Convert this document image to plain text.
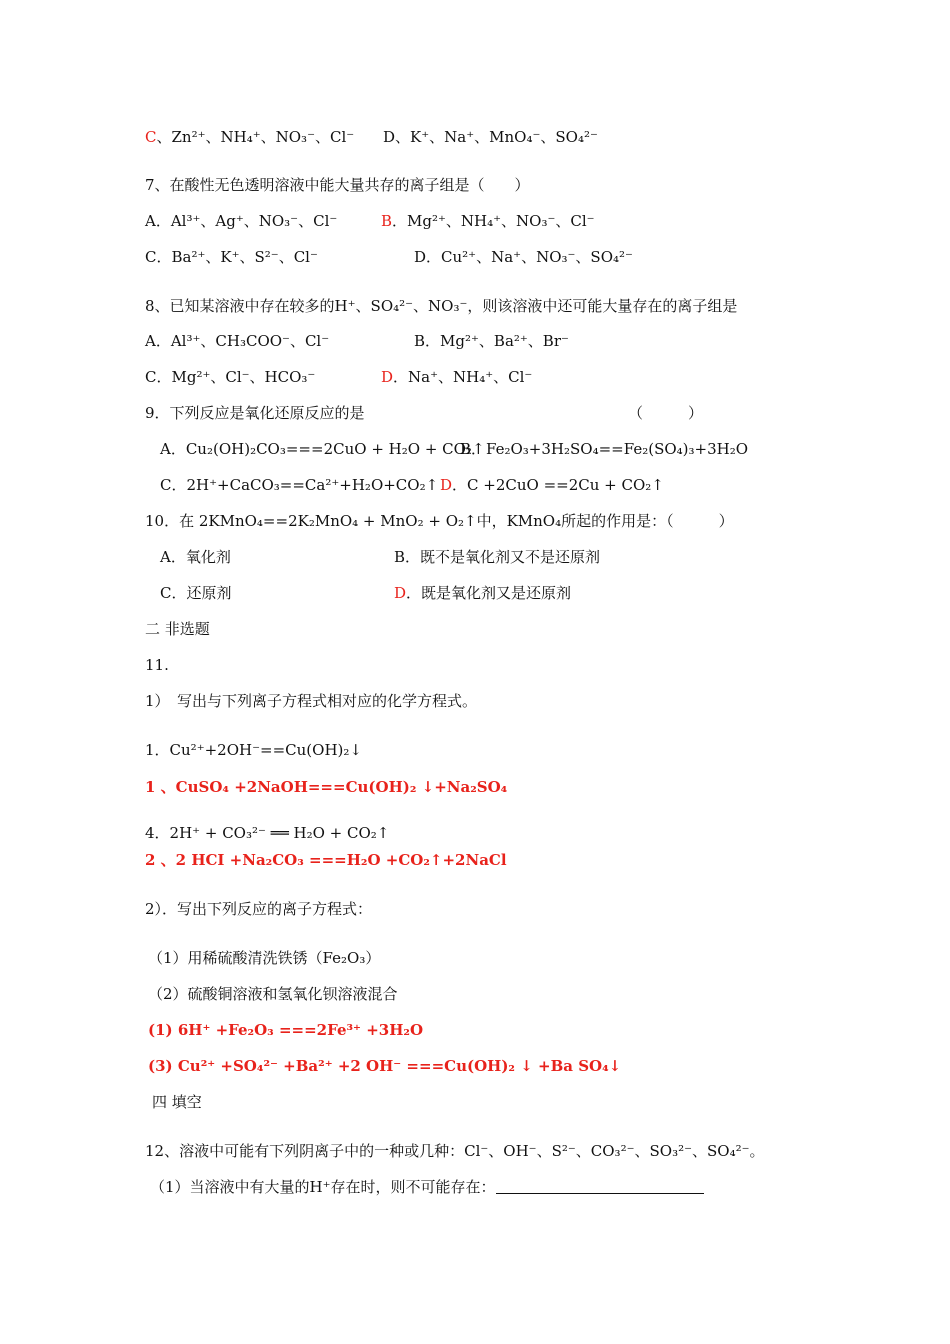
C、Zn²⁺、NH₄⁺、NO₃⁻、Cl⁻ D、K⁺、Na⁺、MnO₄⁻、SO₄²⁻
7、在酸性无色透明溶液中能大量共存的离子组是（　　）
A．Al³⁺、Ag⁺、NO₃⁻、Cl⁻	B．Mg²⁺、NH₄⁺、NO₃⁻、Cl⁻
C．Ba²⁺、K⁺、S²⁻、Cl⁻	D．Cu²⁺、Na⁺、NO₃⁻、SO₄²⁻
8、已知某溶液中存在较多的H⁺、SO₄²⁻、NO₃⁻，则该溶液中还可能大量存在的离子组是
A．Al³⁺、CH₃COO⁻、Cl⁻	B．Mg²⁺、Ba²⁺、Br⁻
C．Mg²⁺、Cl⁻、HCO₃⁻	D．Na⁺、NH₄⁺、Cl⁻
9．下列反应是氧化还原反应的是	（　　　）
A．Cu₂(OH)₂CO₃===2CuO + H₂O + CO₂↑
B．Fe₂O₃+3H₂SO₄==Fe₂(SO₄)₃+3H₂O
C．2H⁺+CaCO₃==Ca²⁺+H₂O+CO₂↑ D．C +2CuO ==2Cu + CO₂↑
10．在 2KMnO₄==2K₂MnO₄ + MnO₂ + O₂↑中，KMnO₄所起的作用是：（　　　）
A．氧化剂	B．既不是氧化剂又不是还原剂
C．还原剂	D．既是氧化剂又是还原剂
二 非选题
11.
1）　写出与下列离子方程式相对应的化学方程式。
1．Cu²⁺+2OH⁻==Cu(OH)₂↓
1 、CuSO₄ +2NaOH===Cu(OH)₂ ↓+Na₂SO₄
4．2H⁺ + CO₃²⁻ ══ H₂O + CO₂↑
2 、2 HCI +Na₂CO₃ ===H₂O +CO₂↑+2NaCl
2）．写出下列反应的离子方程式：
（1）用稀硫酸清洗铁锈（Fe₂O₃）
（2）硫酸铜溶液和氢氧化钡溶液混合
(1) 6H⁺ +Fe₂O₃ ===2Fe³⁺ +3H₂O
(3) Cu²⁺ +SO₄²⁻ +Ba²⁺ +2 OH⁻ ===Cu(OH)₂ ↓ +Ba SO₄↓
四 填空
12、溶液中可能有下列阴离子中的一种或几种：Cl⁻、OH⁻、S²⁻、CO₃²⁻、SO₃²⁻、SO₄²⁻。
（1）当溶液中有大量的H⁺存在时，则不可能存在：
